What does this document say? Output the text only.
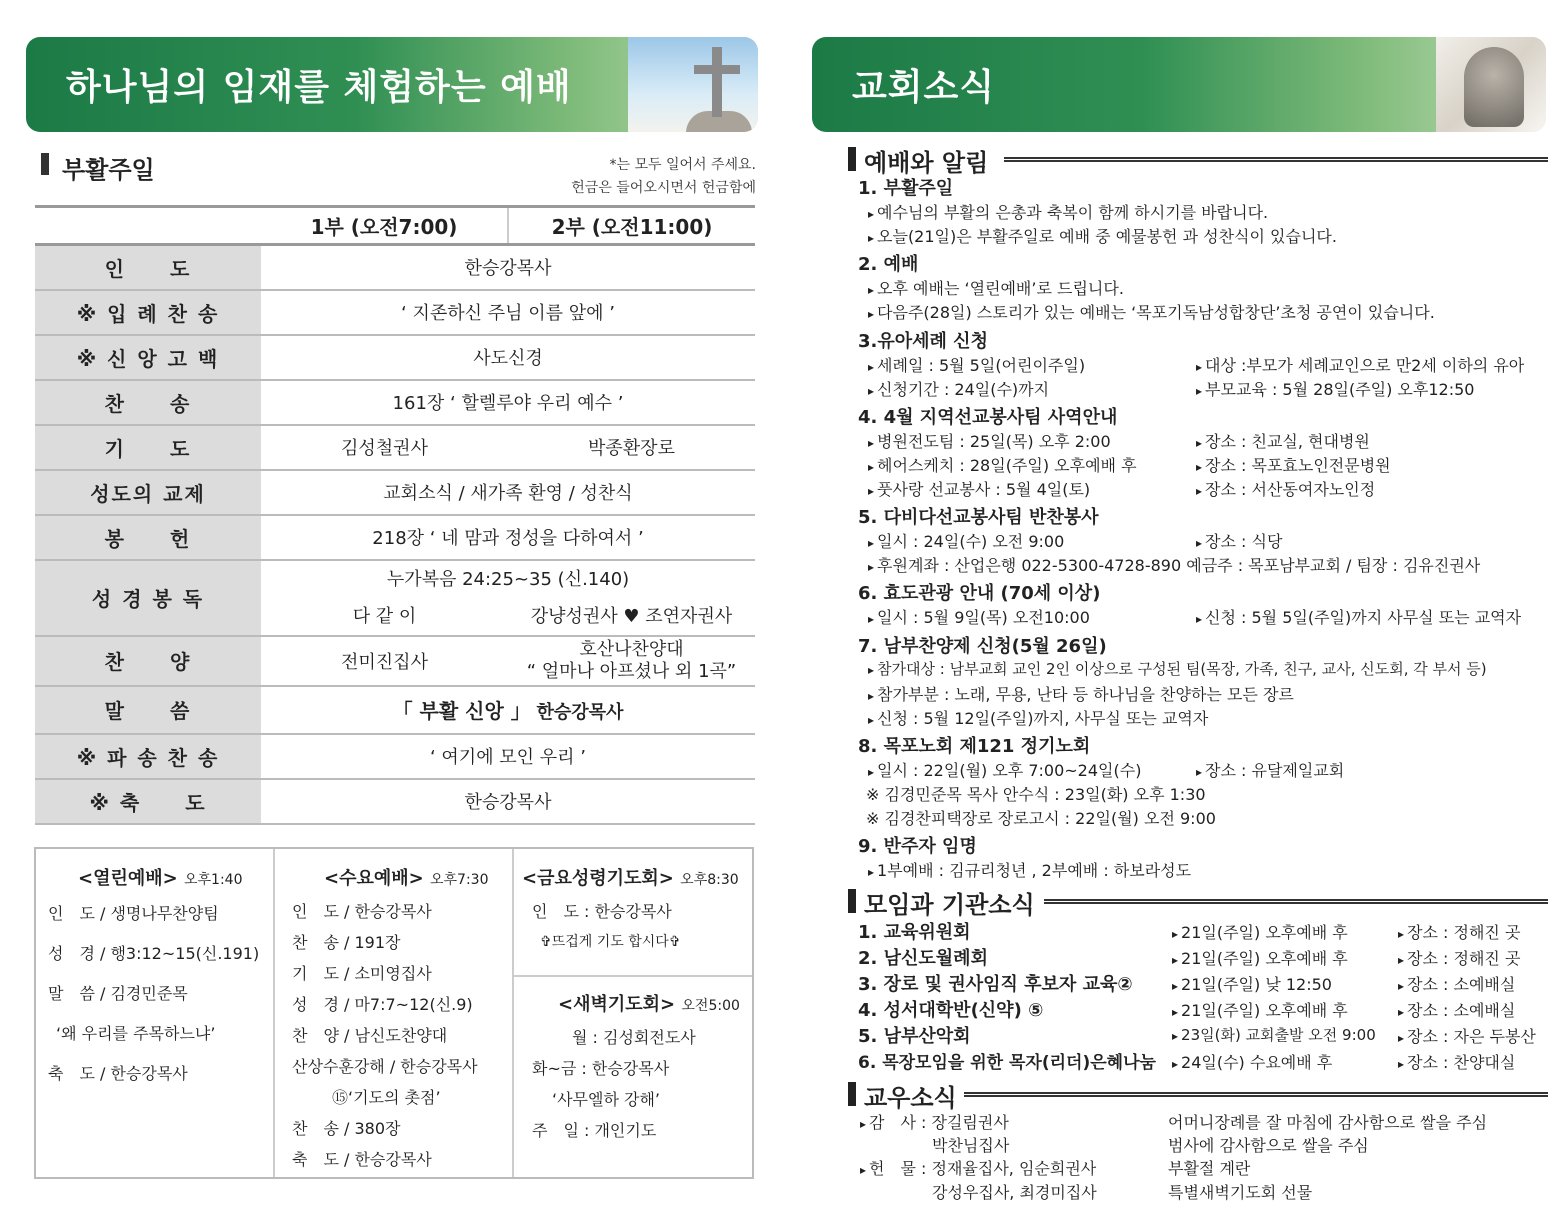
하나님의 임재를 체험하는 예배	교회소식
부활주일	*는 모두 일어서 주세요.
헌금은 들어오시면서 헌금함에
	1부 (오전7:00)	2부 (오전11:00)
인　　도	한승강목사	
※ 입 례 찬 송	‘ 지존하신 주님 이름 앞에 ’	
※ 신 앙 고 백	사도신경	
찬　　송	161장 ‘ 할렐루야 우리 예수 ’	
기　　도	김성철권사	박종환장로
성도의 교제	교회소식 / 새가족 환영 / 성찬식	
봉　　헌	218장 ‘ 네 맘과 정성을 다하여서 ’	
성 경 봉 독	누가복음 24:25~35 (신.140)	
	다 같 이	강냥성권사 ♥ 조연자권사
찬　　양	전미진집사	호산나찬양대
“ 얼마나 아프셨나 외 1곡”

말　　씀	「 부활 신앙 」 한승강목사	
※ 파 송 찬 송	‘ 여기에 모인 우리 ’	
※ 축　　도	한승강목사	
<열린예배> 오후1:40
인　도 / 생명나무찬양팀
성　경 / 행3:12~15(신.191)
말　씀 / 김경민준목
‘왜 우리를 주목하느냐’
축　도 / 한승강목사
<수요예배> 오후7:30
인　도 / 한승강목사
찬　송 / 191장
기　도 / 소미영집사
성　경 / 마7:7~12(신.9)
찬　양 / 남신도찬양대
산상수훈강해 / 한승강목사
⑮‘기도의 촛점’
찬　송 / 380장
축　도 / 한승강목사
<금요성령기도회> 오후8:30
인　도 : 한승강목사
✞뜨겁게 기도 합시다✞
<새벽기도회> 오전5:00
월 : 김성회전도사
화~금 : 한승강목사
‘사무엘하 강해’
주　일 : 개인기도
예배와 알림
1. 부활주일
▸ 예수님의 부활의 은총과 축복이 함께 하시기를 바랍니다.
▸ 오늘(21일)은 부활주일로 예배 중 예물봉헌 과 성찬식이 있습니다.
2. 예배
▸ 오후 예배는 ‘열린예배’로 드립니다.
▸ 다음주(28일) 스토리가 있는 예배는 ‘목포기독남성합창단’초청 공연이 있습니다.
3.유아세례 신청
▸ 세례일 : 5월 5일(어린이주일)	▸ 대상 :부모가 세례교인으로 만2세 이하의 유아
▸ 신청기간 : 24일(수)까지	▸ 부모교육 : 5월 28일(주일) 오후12:50
4. 4월 지역선교봉사팀 사역안내
▸ 병원전도팀 : 25일(목) 오후 2:00	▸ 장소 : 친교실, 현대병원
▸ 헤어스케치 : 28일(주일) 오후예배 후	▸ 장소 : 목포효노인전문병원
▸ 풋사랑 선교봉사 : 5월 4일(토)	▸ 장소 : 서산동여자노인정
5. 다비다선교봉사팀 반찬봉사
▸ 일시 : 24일(수) 오전 9:00	▸ 장소 : 식당
▸ 후원계좌 : 산업은행 022-5300-4728-890 예금주 : 목포남부교회 / 팀장 : 김유진권사
6. 효도관광 안내 (70세 이상)
▸ 일시 : 5월 9일(목) 오전10:00	▸ 신청 : 5월 5일(주일)까지 사무실 또는 교역자
7. 남부찬양제 신청(5월 26일)
▸ 참가대상 : 남부교회 교인 2인 이상으로 구성된 팀(목장, 가족, 친구, 교사, 신도회, 각 부서 등)
▸ 참가부분 : 노래, 무용, 난타 등 하나님을 찬양하는 모든 장르
▸ 신청 : 5월 12일(주일)까지, 사무실 또는 교역자
8. 목포노회 제121 정기노회
▸ 일시 : 22일(월) 오후 7:00~24일(수)	▸ 장소 : 유달제일교회
※ 김경민준목 목사 안수식 : 23일(화) 오후 1:30
※ 김경찬피택장로 장로고시 : 22일(월) 오전 9:00
9. 반주자 임명
▸ 1부예배 : 김규리청년 , 2부예배 : 하보라성도
모임과 기관소식
1. 교육위원회	▸ 21일(주일) 오후예배 후	▸ 장소 : 정해진 곳
2. 남신도월례회	▸ 21일(주일) 오후예배 후	▸ 장소 : 정해진 곳
3. 장로 및 권사임직 후보자 교육②	▸ 21일(주일) 낮 12:50	▸ 장소 : 소예배실
4. 성서대학반(신약) ⑤	▸ 21일(주일) 오후예배 후	▸ 장소 : 소예배실
5. 남부산악회	▸ 23일(화) 교회출발 오전 9:00	▸ 장소 : 자은 두봉산
6. 목장모임을 위한 목자(리더)은혜나눔	▸ 24일(수) 수요예배 후	▸ 장소 : 찬양대실
교우소식
▸ 감　사 : 장길림권사	어머니장례를 잘 마침에 감사함으로 쌀을 주심
박찬님집사	범사에 감사함으로 쌀을 주심
▸ 헌　물 : 정재율집사, 임순희권사	부활절 계란
강성우집사, 최경미집사	특별새벽기도회 선물
